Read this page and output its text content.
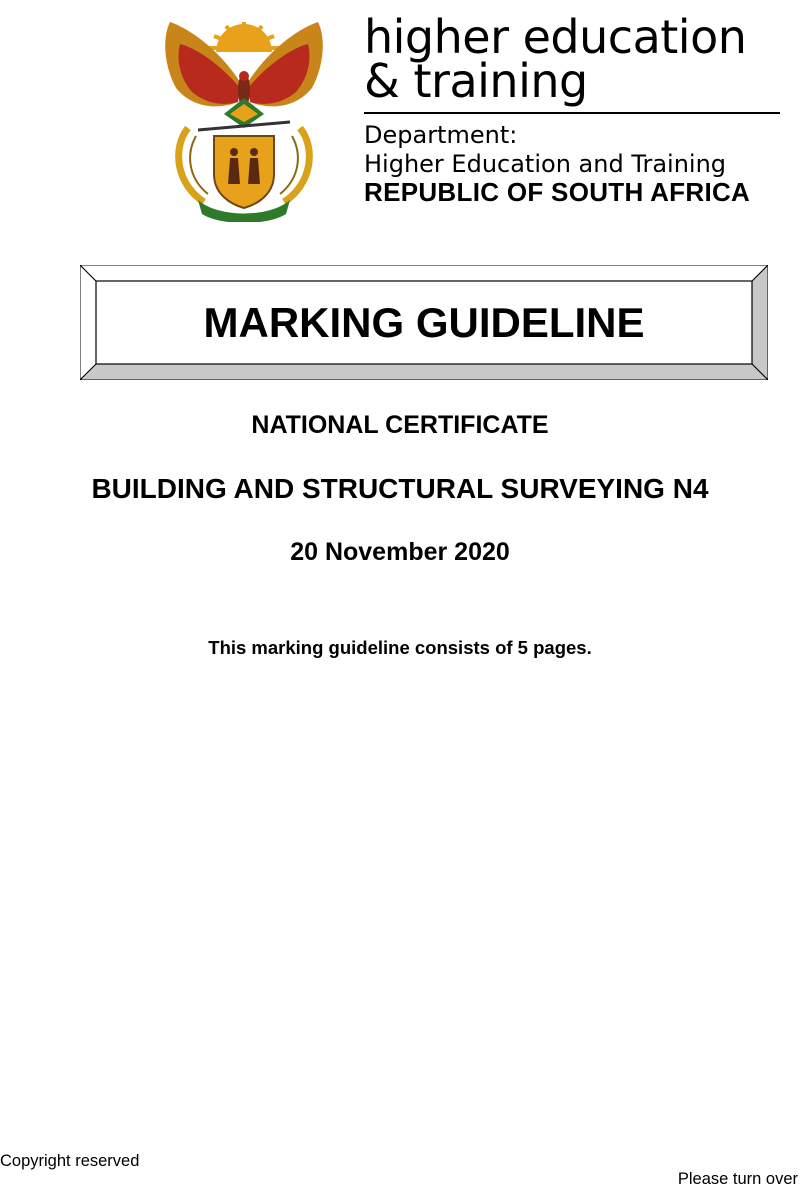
higher education
& training
Department:
Higher Education and Training
REPUBLIC OF SOUTH AFRICA
MARKING GUIDELINE
NATIONAL CERTIFICATE
BUILDING AND STRUCTURAL SURVEYING N4
20 November 2020
This marking guideline consists of 5 pages.
Copyright reserved
Please turn over
